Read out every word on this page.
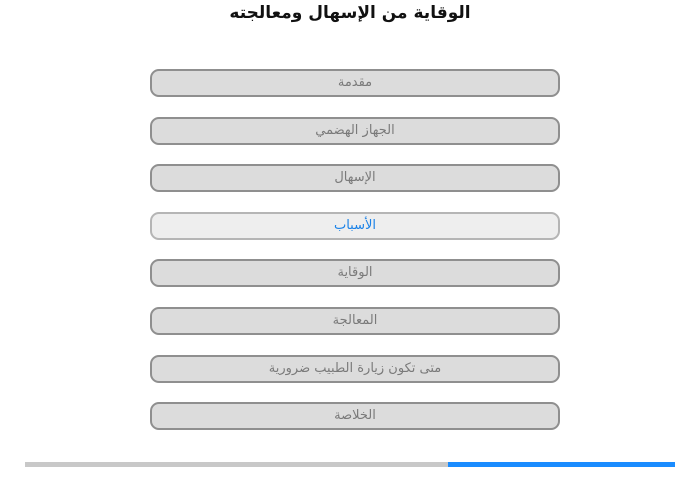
الوقاية من الإسهال ومعالجته
مقدمة
الجهاز الهضمي
الإسهال
الأسباب
الوقاية
المعالجة
متى تكون زيارة الطبيب ضرورية
الخلاصة
